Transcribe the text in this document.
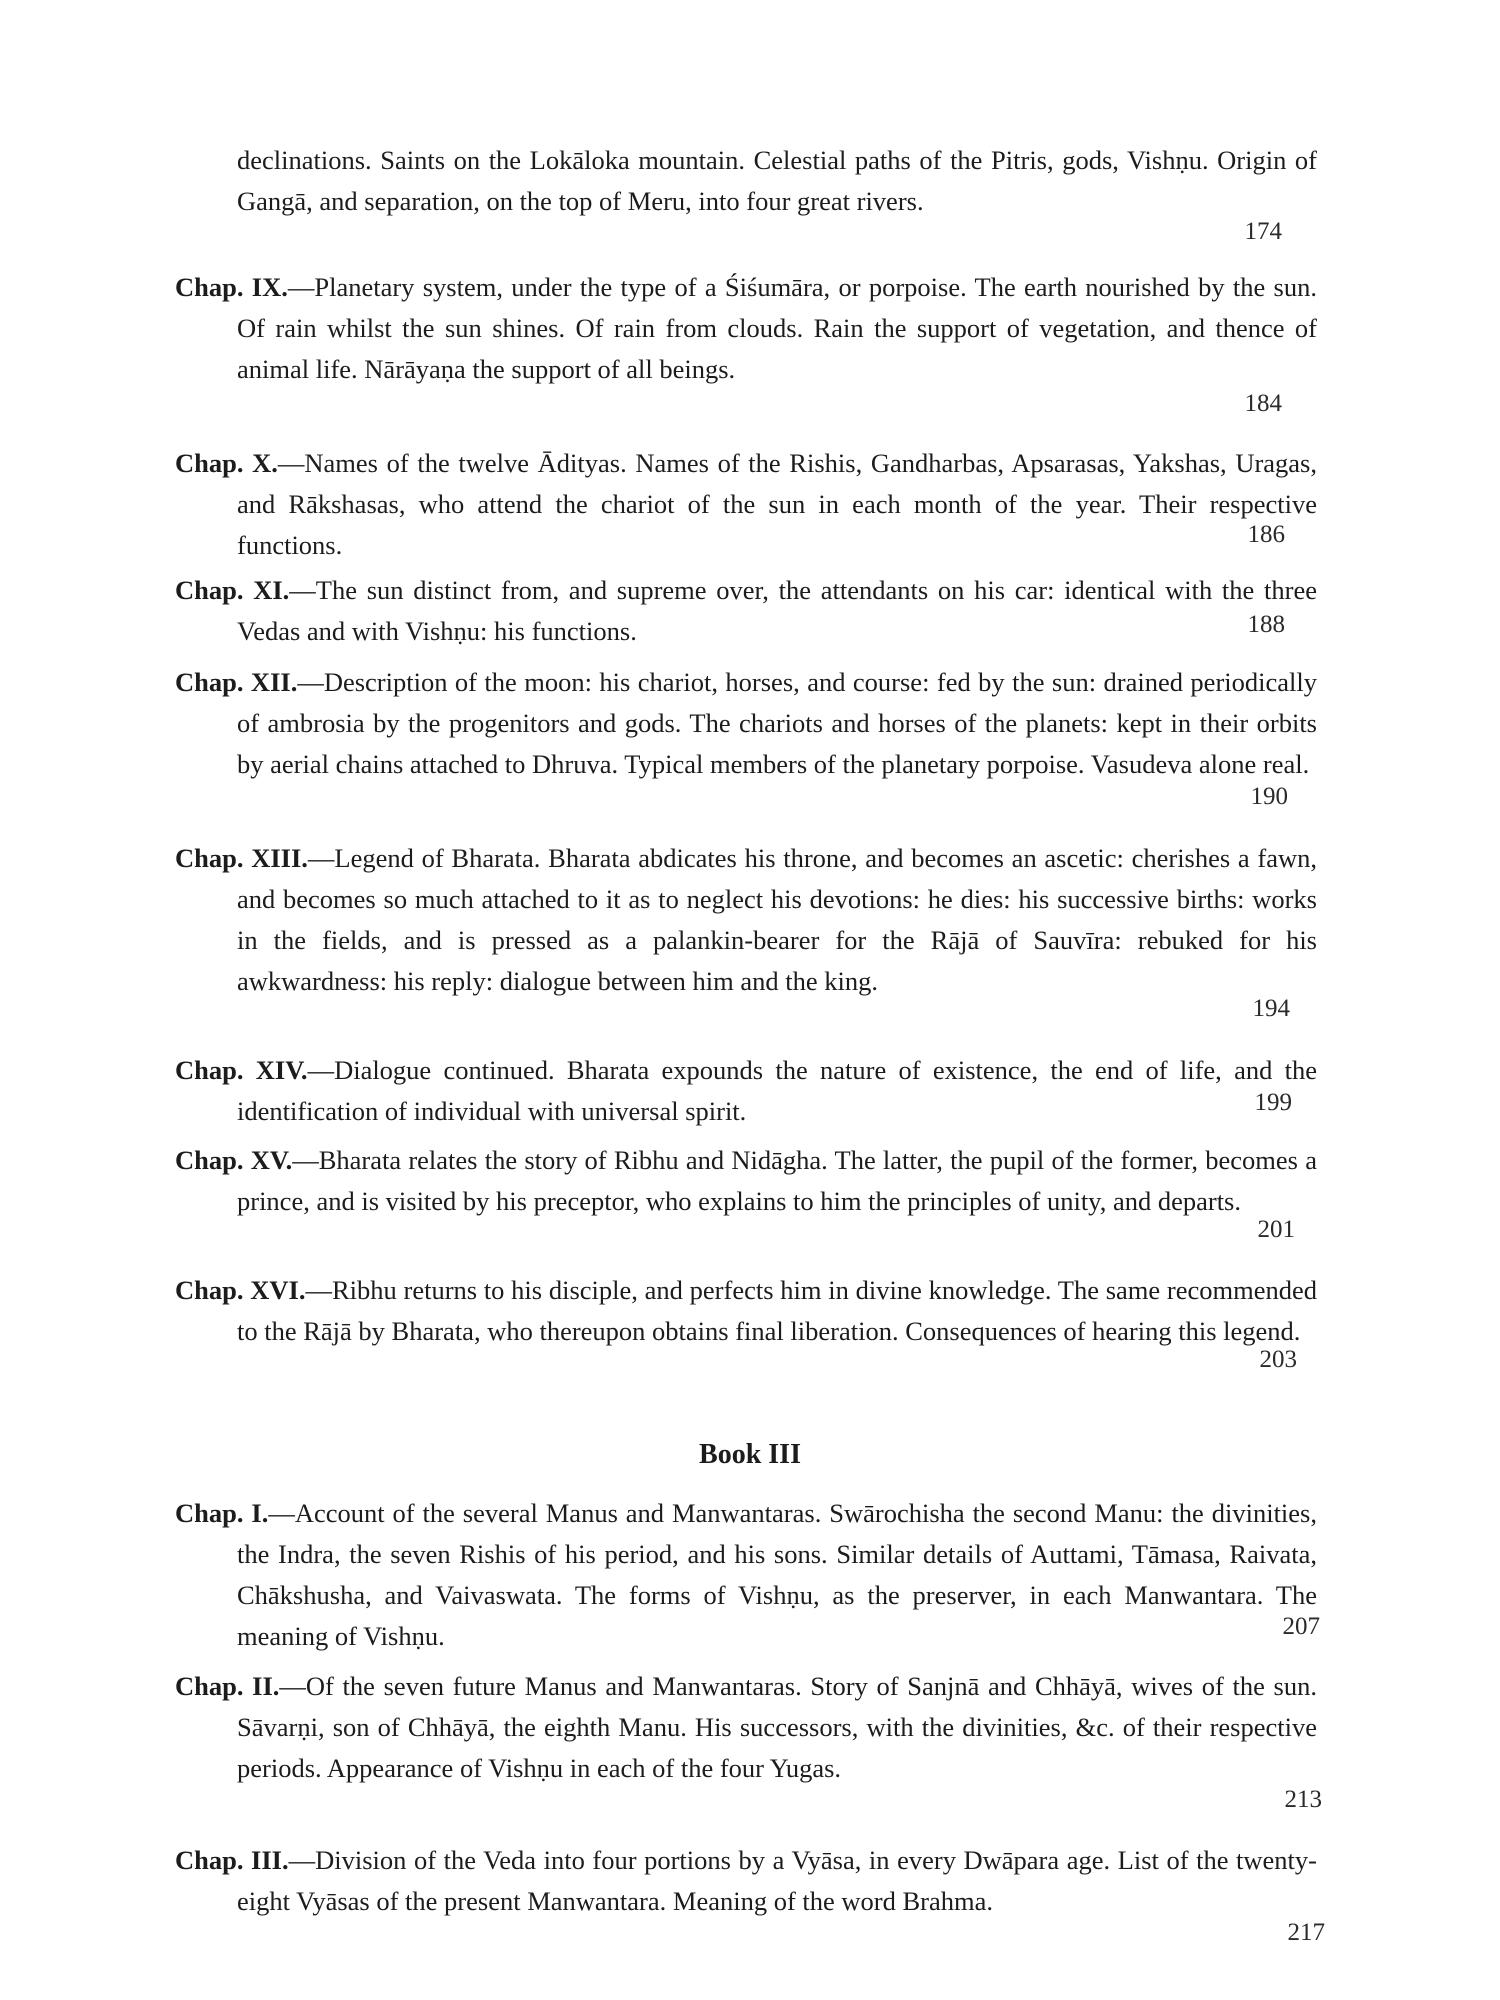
declinations. Saints on the Lokāloka mountain. Celestial paths of the Pitris, gods, Vishṇu. Origin of Gangā, and separation, on the top of Meru, into four great rivers.
174
Chap. IX.—Planetary system, under the type of a Śiśumāra, or porpoise. The earth nourished by the sun. Of rain whilst the sun shines. Of rain from clouds. Rain the support of vegetation, and thence of animal life. Nārāyaṇa the support of all beings.
184
Chap. X.—Names of the twelve Ādityas. Names of the Rishis, Gandharbas, Apsarasas, Yakshas, Uragas, and Rākshasas, who attend the chariot of the sun in each month of the year. Their respective functions.	186
Chap. XI.—The sun distinct from, and supreme over, the attendants on his car: identical with the three Vedas and with Vishṇu: his functions.	188
Chap. XII.—Description of the moon: his chariot, horses, and course: fed by the sun: drained periodically of ambrosia by the progenitors and gods. The chariots and horses of the planets: kept in their orbits by aerial chains attached to Dhruva. Typical members of the planetary porpoise. Vasudeva alone real.
190
Chap. XIII.—Legend of Bharata. Bharata abdicates his throne, and becomes an ascetic: cherishes a fawn, and becomes so much attached to it as to neglect his devotions: he dies: his successive births: works in the fields, and is pressed as a palankin-bearer for the Rājā of Sauvīra: rebuked for his awkwardness: his reply: dialogue between him and the king.
194
Chap. XIV.—Dialogue continued. Bharata expounds the nature of existence, the end of life, and the identification of individual with universal spirit.	199
Chap. XV.—Bharata relates the story of Ribhu and Nidāgha. The latter, the pupil of the former, becomes a prince, and is visited by his preceptor, who explains to him the principles of unity, and departs.
201
Chap. XVI.—Ribhu returns to his disciple, and perfects him in divine knowledge. The same recommended to the Rājā by Bharata, who thereupon obtains final liberation. Consequences of hearing this legend.
203
Book III
Chap. I.—Account of the several Manus and Manwantaras. Swārochisha the second Manu: the divinities, the Indra, the seven Rishis of his period, and his sons. Similar details of Auttami, Tāmasa, Raivata, Chākshusha, and Vaivaswata. The forms of Vishṇu, as the preserver, in each Manwantara. The meaning of Vishṇu.	207
Chap. II.—Of the seven future Manus and Manwantaras. Story of Sanjnā and Chhāyā, wives of the sun. Sāvarṇi, son of Chhāyā, the eighth Manu. His successors, with the divinities, &c. of their respective periods. Appearance of Vishṇu in each of the four Yugas.
213
Chap. III.—Division of the Veda into four portions by a Vyāsa, in every Dwāpara age. List of the twenty-eight Vyāsas of the present Manwantara. Meaning of the word Brahma.
217
